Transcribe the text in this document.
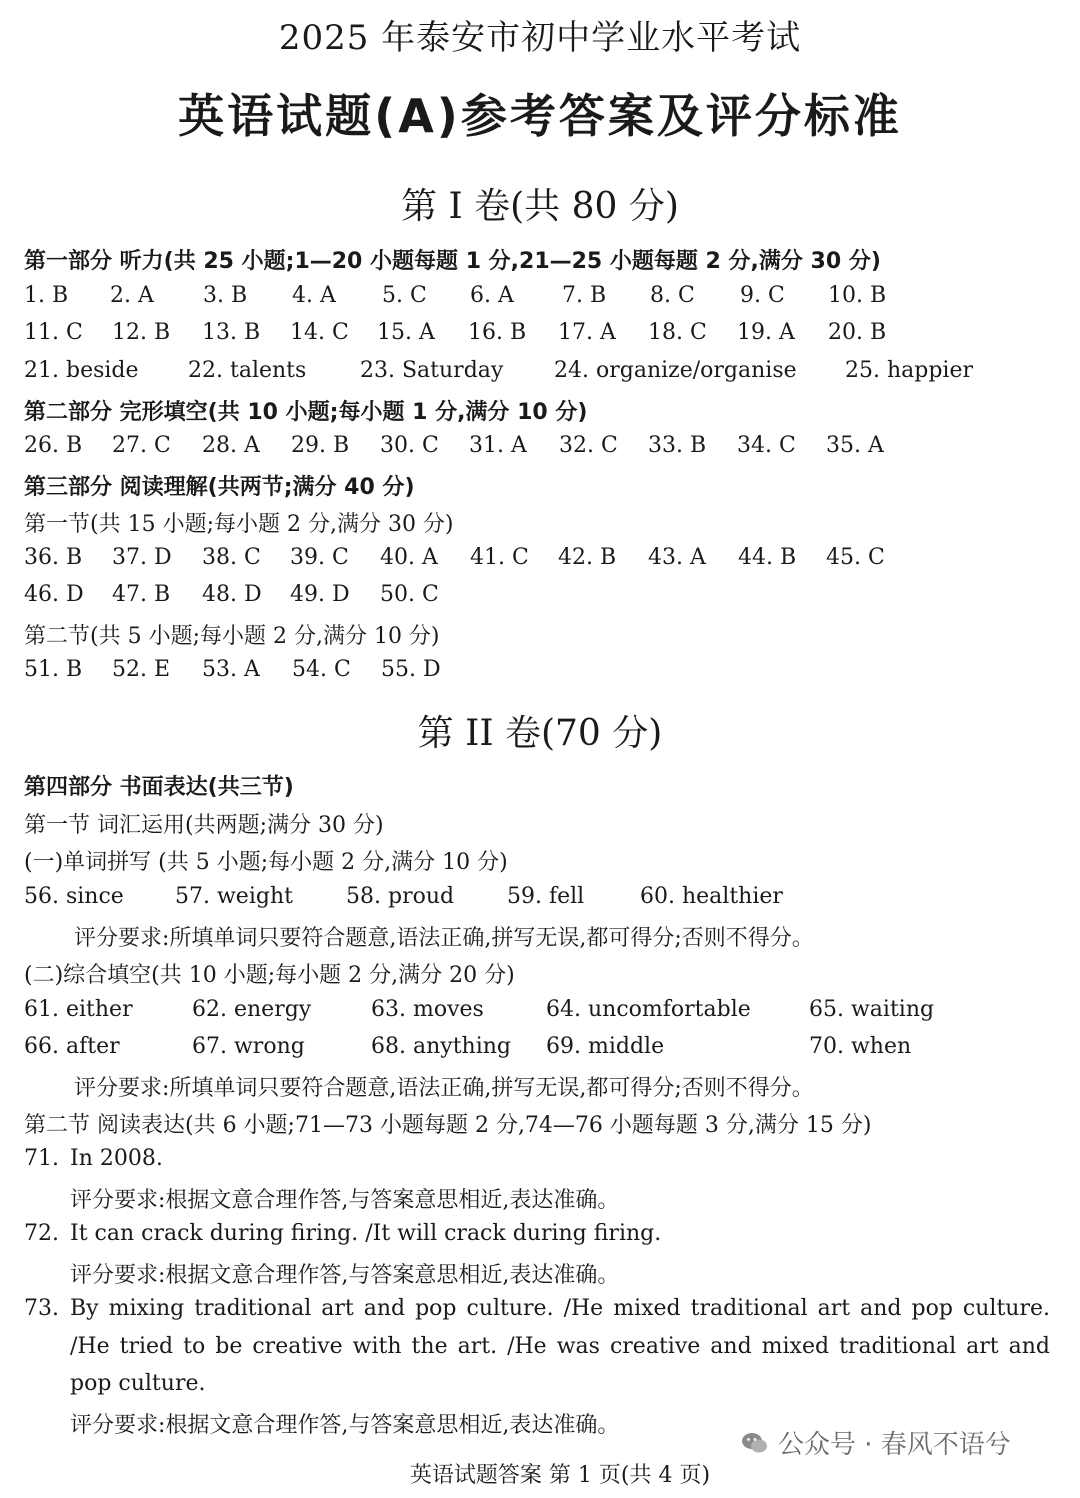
2025 年泰安市初中学业水平考试
英语试题(A)参考答案及评分标准
第 I 卷(共 80 分)
第一部分 听力(共 25 小题;1—20 小题每题 1 分,21—25 小题每题 2 分,满分 30 分)
1. B 2. A 3. B 4. A 5. C 6. A 7. B 8. C 9. C 10. B
11. C 12. B 13. B 14. C 15. A 16. B 17. A 18. C 19. A 20. B
21. beside 22. talents 23. Saturday 24. organize/organise 25. happier
第二部分 完形填空(共 10 小题;每小题 1 分,满分 10 分)
26. B 27. C 28. A 29. B 30. C 31. A 32. C 33. B 34. C 35. A
第三部分 阅读理解(共两节;满分 40 分)
第一节(共 15 小题;每小题 2 分,满分 30 分)
36. B 37. D 38. C 39. C 40. A 41. C 42. B 43. A 44. B 45. C
46. D 47. B 48. D 49. D 50. C
第二节(共 5 小题;每小题 2 分,满分 10 分)
51. B 52. E 53. A 54. C 55. D
第 II 卷(70 分)
第四部分 书面表达(共三节)
第一节 词汇运用(共两题;满分 30 分)
(一)单词拼写 (共 5 小题;每小题 2 分,满分 10 分)
56. since 57. weight 58. proud 59. fell	60. healthier
评分要求:所填单词只要符合题意,语法正确,拼写无误,都可得分;否则不得分。
(二)综合填空(共 10 小题;每小题 2 分,满分 20 分)
61. either	62. energy	63. moves	64. uncomfortable	65. waiting
66. after	67. wrong	68. anything 69. middle	70. when
评分要求:所填单词只要符合题意,语法正确,拼写无误,都可得分;否则不得分。
第二节 阅读表达(共 6 小题;71—73 小题每题 2 分,74—76 小题每题 3 分,满分 15 分)
71. In 2008.
评分要求:根据文意合理作答,与答案意思相近,表达准确。
72. It can crack during firing. /It will crack during firing.
评分要求:根据文意合理作答,与答案意思相近,表达准确。
73. By mixing traditional art and pop culture. /He mixed traditional art and pop culture. /He tried to be creative with the art. /He was creative and mixed traditional art and pop culture.
评分要求:根据文意合理作答,与答案意思相近,表达准确。
公众号 · 春风不语兮
英语试题答案 第 1 页(共 4 页)
